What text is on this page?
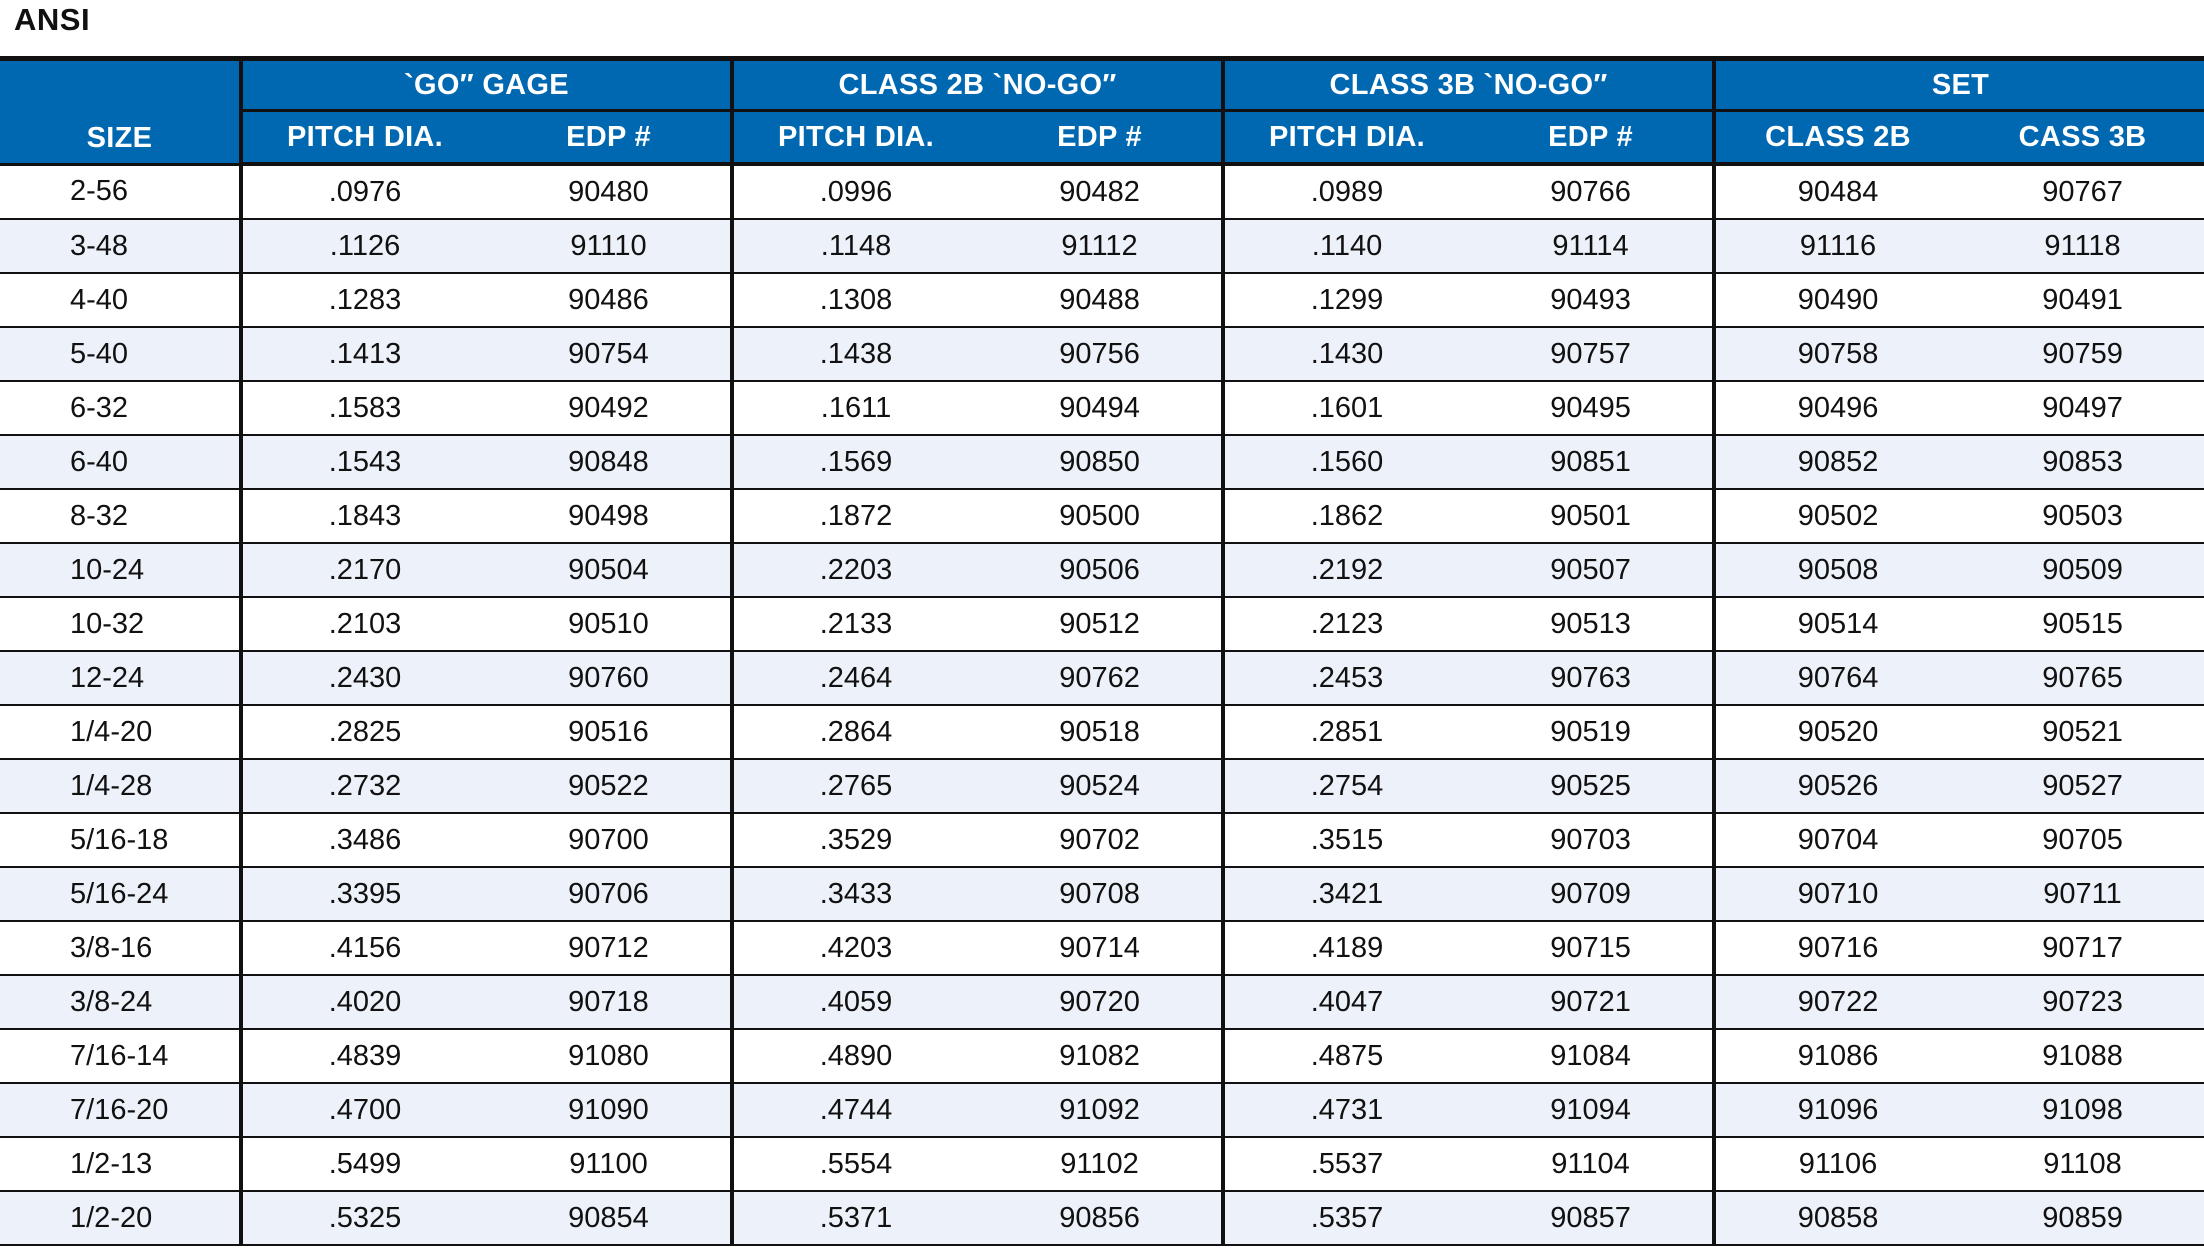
ANSI
SIZE	`GO″ GAGE		CLASS 2B `NO-GO″		CLASS 3B `NO-GO″		SET	
	PITCH DIA.	EDP #	PITCH DIA.	EDP #	PITCH DIA.	EDP #	CLASS 2B	CASS 3B
2-56	.0976	90480	.0996	90482	.0989	90766	90484	90767
3-48	.1126	91110	.1148	91112	.1140	91114	91116	91118
4-40	.1283	90486	.1308	90488	.1299	90493	90490	90491
5-40	.1413	90754	.1438	90756	.1430	90757	90758	90759
6-32	.1583	90492	.1611	90494	.1601	90495	90496	90497
6-40	.1543	90848	.1569	90850	.1560	90851	90852	90853
8-32	.1843	90498	.1872	90500	.1862	90501	90502	90503
10-24	.2170	90504	.2203	90506	.2192	90507	90508	90509
10-32	.2103	90510	.2133	90512	.2123	90513	90514	90515
12-24	.2430	90760	.2464	90762	.2453	90763	90764	90765
1/4-20	.2825	90516	.2864	90518	.2851	90519	90520	90521
1/4-28	.2732	90522	.2765	90524	.2754	90525	90526	90527
5/16-18	.3486	90700	.3529	90702	.3515	90703	90704	90705
5/16-24	.3395	90706	.3433	90708	.3421	90709	90710	90711
3/8-16	.4156	90712	.4203	90714	.4189	90715	90716	90717
3/8-24	.4020	90718	.4059	90720	.4047	90721	90722	90723
7/16-14	.4839	91080	.4890	91082	.4875	91084	91086	91088
7/16-20	.4700	91090	.4744	91092	.4731	91094	91096	91098
1/2-13	.5499	91100	.5554	91102	.5537	91104	91106	91108
1/2-20	.5325	90854	.5371	90856	.5357	90857	90858	90859
